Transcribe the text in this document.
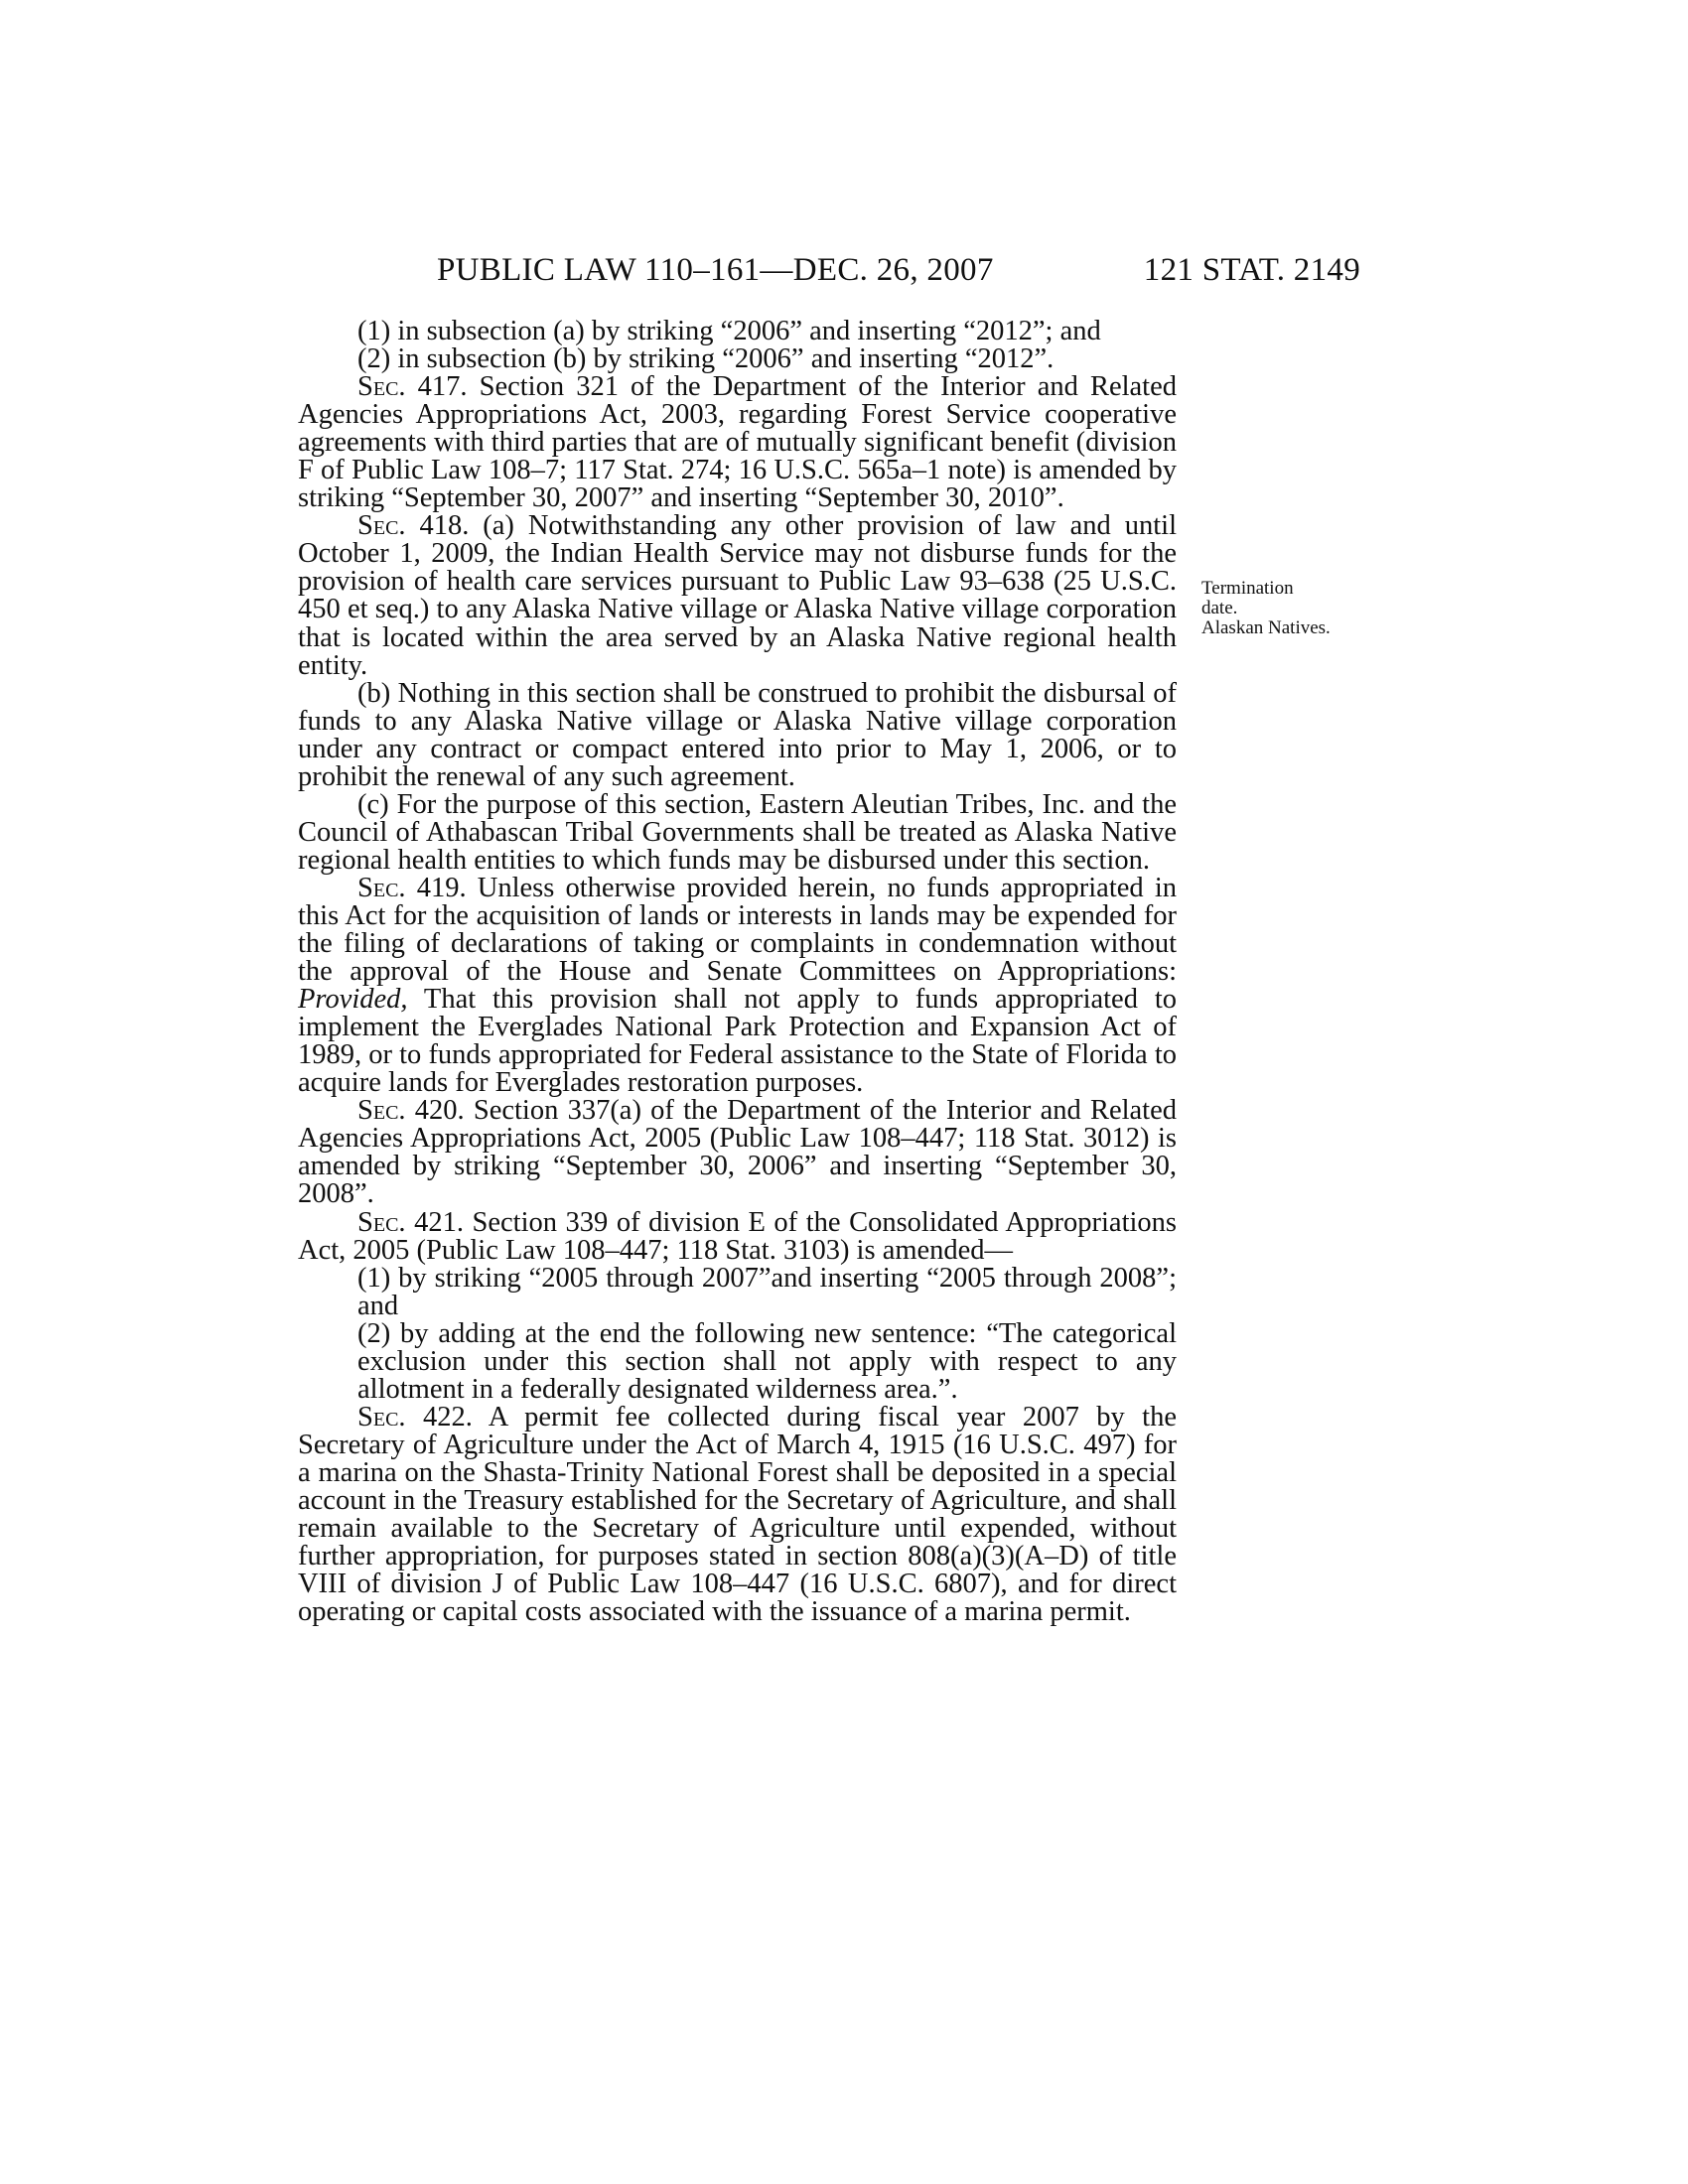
PUBLIC LAW 110–161—DEC. 26, 2007	121 STAT. 2149
Termination
date.
Alaskan Natives.

(1) in subsection (a) by striking “2006” and inserting “2012”; and

(2) in subsection (b) by striking “2006” and inserting “2012”.

Sec. 417. Section 321 of the Department of the Interior and Related Agencies Appropriations Act, 2003, regarding Forest Service cooperative agreements with third parties that are of mutually significant benefit (division F of Public Law 108–7; 117 Stat. 274; 16 U.S.C. 565a–1 note) is amended by striking “September 30, 2007” and inserting “September 30, 2010”.

Sec. 418. (a) Notwithstanding any other provision of law and until October 1, 2009, the Indian Health Service may not disburse funds for the provision of health care services pursuant to Public Law 93–638 (25 U.S.C. 450 et seq.) to any Alaska Native village or Alaska Native village corporation that is located within the area served by an Alaska Native regional health entity.

(b) Nothing in this section shall be construed to prohibit the disbursal of funds to any Alaska Native village or Alaska Native village corporation under any contract or compact entered into prior to May 1, 2006, or to prohibit the renewal of any such agreement.

(c) For the purpose of this section, Eastern Aleutian Tribes, Inc. and the Council of Athabascan Tribal Governments shall be treated as Alaska Native regional health entities to which funds may be disbursed under this section.

Sec. 419. Unless otherwise provided herein, no funds appropriated in this Act for the acquisition of lands or interests in lands may be expended for the filing of declarations of taking or complaints in condemnation without the approval of the House and Senate Committees on Appropriations: Provided, That this provision shall not apply to funds appropriated to implement the Everglades National Park Protection and Expansion Act of 1989, or to funds appropriated for Federal assistance to the State of Florida to acquire lands for Everglades restoration purposes.

Sec. 420. Section 337(a) of the Department of the Interior and Related Agencies Appropriations Act, 2005 (Public Law 108–447; 118 Stat. 3012) is amended by striking “September 30, 2006” and inserting “September 30, 2008”.

Sec. 421. Section 339 of division E of the Consolidated Appropriations Act, 2005 (Public Law 108–447; 118 Stat. 3103) is amended—

(1) by striking “2005 through 2007”and inserting “2005 through 2008”; and

(2) by adding at the end the following new sentence: “The categorical exclusion under this section shall not apply with respect to any allotment in a federally designated wilderness area.”.

Sec. 422. A permit fee collected during fiscal year 2007 by the Secretary of Agriculture under the Act of March 4, 1915 (16 U.S.C. 497) for a marina on the Shasta-Trinity National Forest shall be deposited in a special account in the Treasury established for the Secretary of Agriculture, and shall remain available to the Secretary of Agriculture until expended, without further appropriation, for purposes stated in section 808(a)(3)(A–D) of title VIII of division J of Public Law 108–447 (16 U.S.C. 6807), and for direct operating or capital costs associated with the issuance of a marina permit.
